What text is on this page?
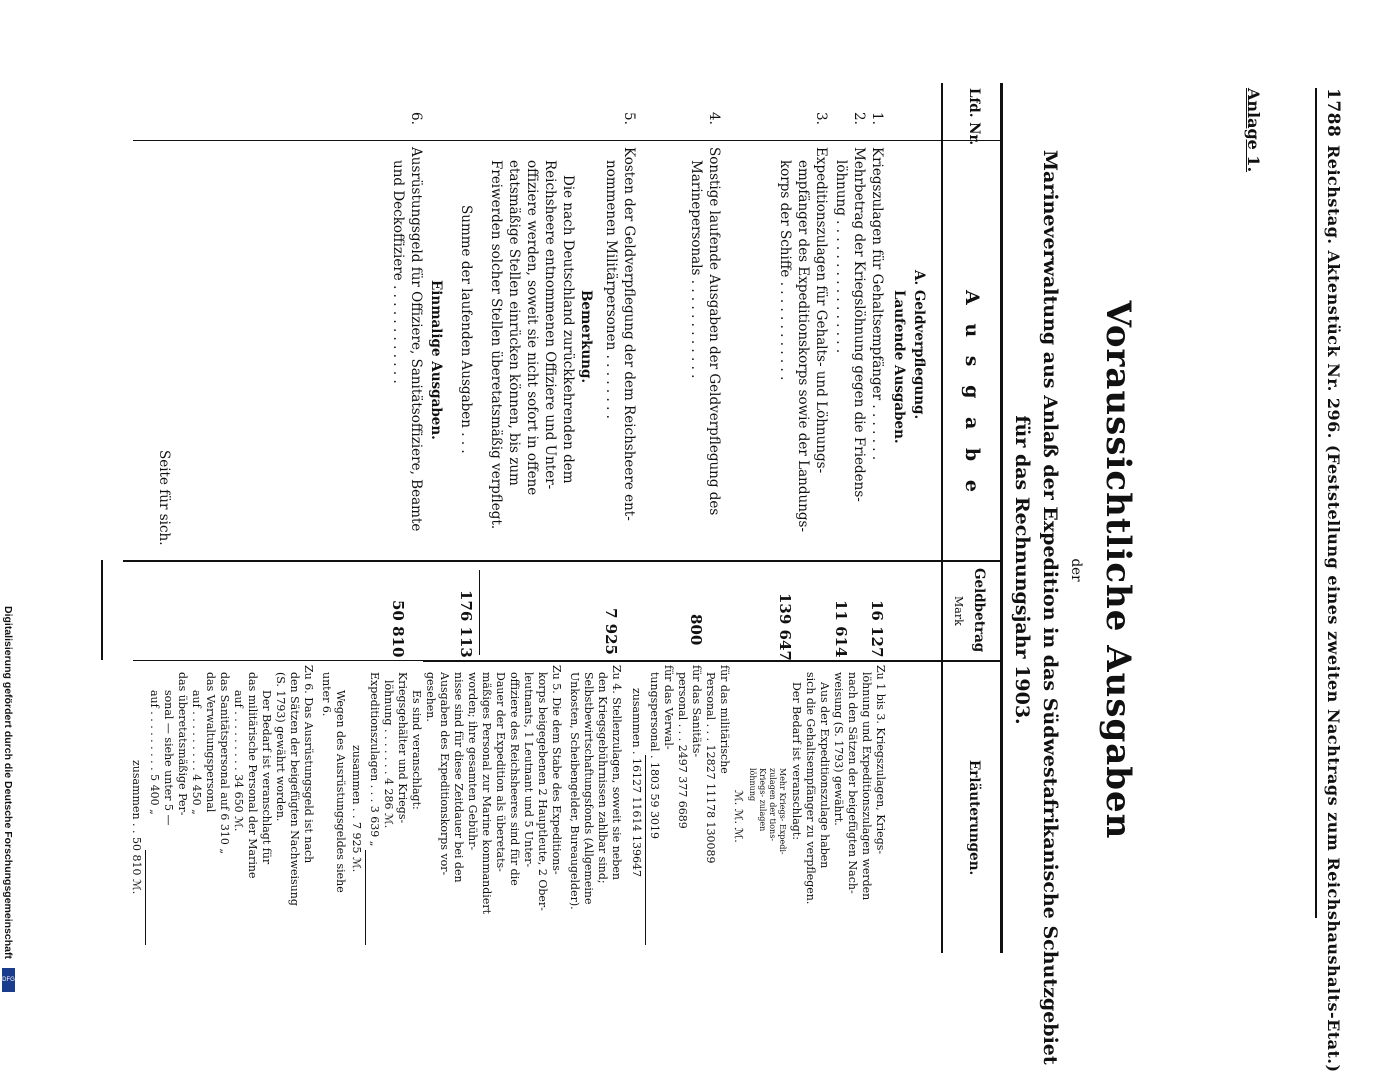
Digitalisierung gefördert durch die Deutsche Forschungsgemeinschaft
DFG
1788
Reichstag. Aktenstück Nr. 296. (Feststellung eines zweiten Nachtrags zum Reichshaushalts-Etat.)
Anlage 1.
Voraussichtliche Ausgaben
der
Marineverwaltung aus Anlaß der Expedition in das Südwestafrikanische Schutzgebiet
für das Rechnungsjahr 1903.
Lfd. Nr.
A u s g a b e
Geldbetrag
Mark
Erläuterungen.
A. Geldverpflegung.
Laufende Ausgaben.
1.
Kriegszulagen für Gehaltsempfänger . . . . . . .
16 127
2.
Mehrbetrag der Kriegslöhnung gegen die Friedens-
löhnung . . . . . . . . . . . . . . . .
11 614
3.
Expeditionszulagen für Gehalts- und Löhnungs-
empfänger des Expeditionskorps sowie der Landungs-
korps der Schiffe . . . . . . . . . . . .
139 647
4.
Sonstige laufende Ausgaben der Geldverpflegung des
Marinepersonals . . . . . . . . . . . .
800
5.
Kosten der Geldverpflegung der dem Reichsheere ent-
nommenen Militärpersonen . . . . . . . .
7 925
Bemerkung.
Die nach Deutschland zurückkehrenden dem
Reichsheere entnommenen Offiziere und Unter-
offiziere werden, soweit sie nicht sofort in offene
etatsmäßige Stellen einrücken können, bis zum
Freiwerden solcher Stellen überetatsmäßig verpflegt.
Summe der laufenden Ausgaben . . .
176 113
Einmalige Ausgaben.
6.
Ausrüstungsgeld für Offiziere, Sanitätsoffiziere, Beamte
und Deckoffiziere . . . . . . . . . . . .
50 810
Seite für sich.
Zu 1 bis 3. Kriegszulagen, Kriegs-
löhnung und Expeditionszulagen werden
nach den Sätzen der beigefügten Nach-
weisung (S. 1793) gewährt.
Aus der Expeditionszulage haben
sich die Gehaltsempfänger zu verpflegen.
Der Bedarf ist veranschlagt:
Mehr Kriegs- Expedi-
zulagen der tions-
Kriegs- zulagen
löhnung
ℳ. ℳ. ℳ.
für das militärische
Personal . . . 12827 11178 130089
für das Sanitäts-
personal . . . 2497 377 6689
für das Verwal-
tungspersonal . 1803 59 3019
zusammen . 16127 11614 139647
Zu 4. Stellenzulagen, soweit sie neben
den Kriegsgebührnissen zahlbar sind;
Selbstbewirtschaftungsfonds (Allgemeine
Unkosten, Scheibengelder, Bureaugelder).
Zu 5. Die dem Stabe des Expeditions-
korps beigegebenen 2 Hauptleute, 2 Ober-
leutnants, 1 Leutnant und 5 Unter-
offiziere des Reichsheeres sind für die
Dauer der Expedition als überetats-
mäßiges Personal zur Marine kommandiert
worden; ihre gesamten Gebühr-
nisse sind für diese Zeitdauer bei den
Ausgaben des Expeditionskorps vor-
gesehen.
Es sind veranschlagt:
Kriegsgehälter und Kriegs-
löhnung . . . . . . . 4 286 ℳ.
Expeditionszulagen . . . 3 639 „
zusammen . . 7 925 ℳ.
Wegen des Ausrüstungsgeldes siehe
unter 6.
Zu 6. Das Ausrüstungsgeld ist nach
den Sätzen der beigefügten Nachweisung
(S. 1793) gewährt worden.
Der Bedarf ist veranschlagt für
das militärische Personal der Marine
auf . . . . . . . . . 34 650 ℳ.
das Sanitätspersonal auf 6 310 „
das Verwaltungspersonal
auf . . . . . . . . . 4 450 „
das überetatsmäßige Per-
sonal — siehe unter 5 —
auf . . . . . . . . . 5 400 „
zusammen . . 50 810 ℳ.
